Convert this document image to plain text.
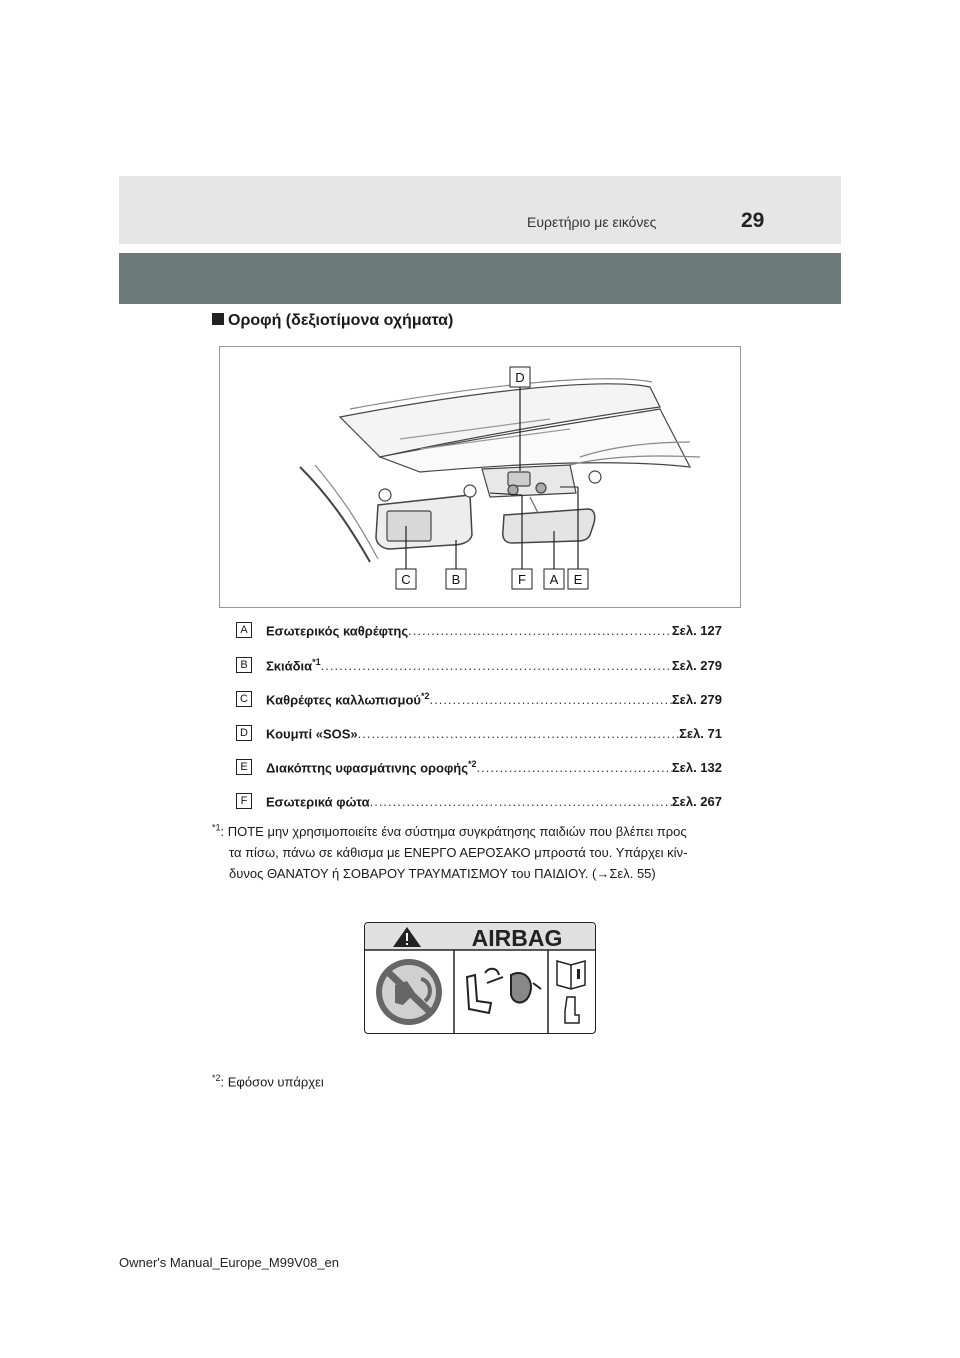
Ευρετήριο με εικόνες	29
Οροφή (δεξιοτίμονα οχήματα)
D
C	B	F A E
A	Εσωτερικός καθρέφτης .....	Σελ. 127
B	Σκιάδια$^{*1}$ .....	Σελ. 279
C	Καθρέφτες καλλωπισμού$^{*2}$ .....	Σελ. 279
D	Κουμπί «SOS» .....	Σελ. 71
E	Διακόπτης υφασμάτινης οροφής$^{*2}$ .....	Σελ. 132
F	Εσωτερικά φώτα .....	Σελ. 267
$^{*1}$: ΠΟΤΕ μην χρησιμοποιείτε ένα σύστημα συγκράτησης παιδιών που βλέπει προς
τα πίσω, πάνω σε κάθισμα με ΕΝΕΡΓΟ ΑΕΡΟΣΑΚΟ μπροστά του. Υπάρχει κίν-
δυνος ΘΑΝΑΤΟΥ ή ΣΟΒΑΡΟΥ ΤΡΑΥΜΑΤΙΣΜΟΥ του ΠΑΙΔΙΟΥ. (→Σελ. 55)
AIRBAG
$^{*2}$: Εφόσον υπάρχει
Owner's Manual_Europe_M99V08_en
